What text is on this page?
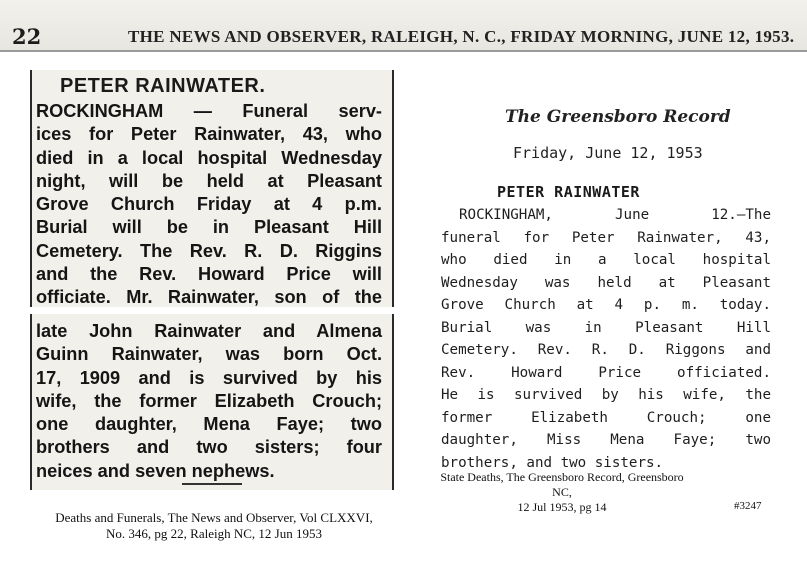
22	THE NEWS AND OBSERVER, RALEIGH, N. C., FRIDAY MORNING, JUNE 12, 1953.
PETER RAINWATER.
ROCKINGHAM — Funeral serv-
ices for Peter Rainwater, 43, who
died in a local hospital Wednesday
night, will be held at Pleasant
Grove Church Friday at 4 p.m.
Burial will be in Pleasant Hill
Cemetery. The Rev. R. D. Riggins
and the Rev. Howard Price will
officiate. Mr. Rainwater, son of the
late John Rainwater and Almena
Guinn Rainwater, was born Oct.
17, 1909 and is survived by his
wife, the former Elizabeth Crouch;
one daughter, Mena Faye; two
brothers and two sisters; four
neices and seven nephews.
The Greensboro Record
Friday, June 12, 1953
PETER RAINWATER
ROCKINGHAM, June 12.—The
funeral for Peter Rainwater, 43,
who died in a local hospital
Wednesday was held at Pleasant
Grove Church at 4 p. m. today.
Burial was in Pleasant Hill
Cemetery. Rev. R. D. Riggons and
Rev. Howard Price officiated.
He is survived by his wife, the
former Elizabeth Crouch; one
daughter, Miss Mena Faye; two
brothers, and two sisters.
State Deaths, The Greensboro Record, Greensboro NC,
12 Jul 1953, pg 14	#3247
Deaths and Funerals, The News and Observer, Vol CLXXVI,
No. 346, pg 22, Raleigh NC, 12 Jun 1953
